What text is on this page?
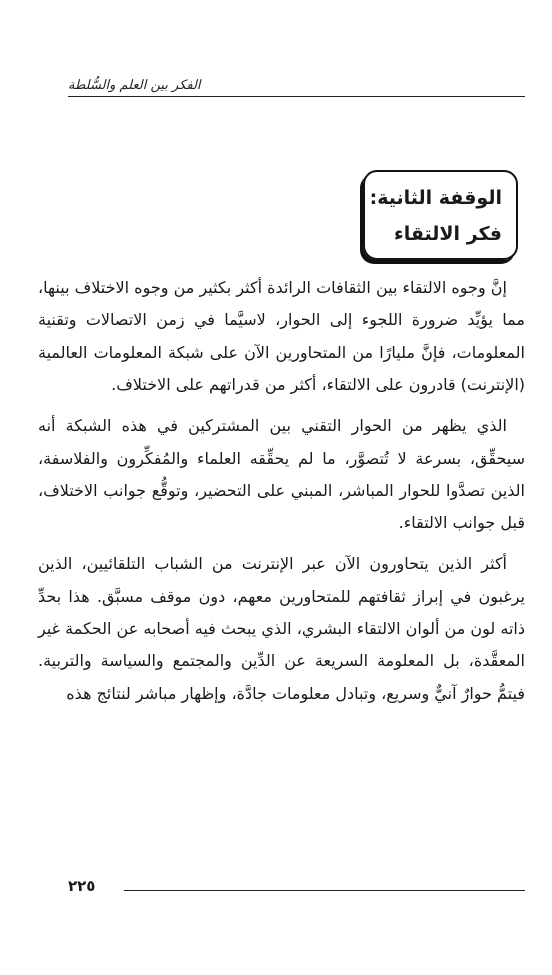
الفكر بين العلم والسُّلطة
الوقفة الثانية:
فكر الالتقاء

إنَّ وجوه الالتقاء بين الثقافات الرائدة أكثر بكثير من وجوه الاختلاف بينها، مما يؤيِّد ضرورة اللجوء إلى الحوار، لاسيَّما في زمن الاتصالات وتقنية المعلومات، فإنَّ مليارًا من المتحاورين الآن على شبكة المعلومات العالمية (الإنترنت) قادرون على الالتقاء، أكثر من قدراتهم على الاختلاف.

الذي يظهر من الحوار التقني بين المشتركين في هذه الشبكة أنه سيحقِّق، بسرعة لا تُتصوَّر، ما لم يحقِّقه العلماء والمُفكِّرون والفلاسفة، الذين تصدَّوا للحوار المباشر، المبني على التحضير، وتوقُّع جوانب الاختلاف، قبل جوانب الالتقاء.

أكثر الذين يتحاورون الآن عبر الإنترنت من الشباب التلقائيين، الذين يرغبون في إبراز ثقافتهم للمتحاورين معهم، دون موقف مسبَّق. هذا بحدِّ ذاته لون من ألوان الالتقاء البشري، الذي يبحث فيه أصحابه عن الحكمة غير المعقَّدة، بل المعلومة السريعة عن الدِّين والمجتمع والسياسة والتربية. فيتمُّ حوارٌ آنيٌّ وسريع، وتبادل معلومات جادَّة، وإظهار مباشر لنتائج هذه

٢٢٥
